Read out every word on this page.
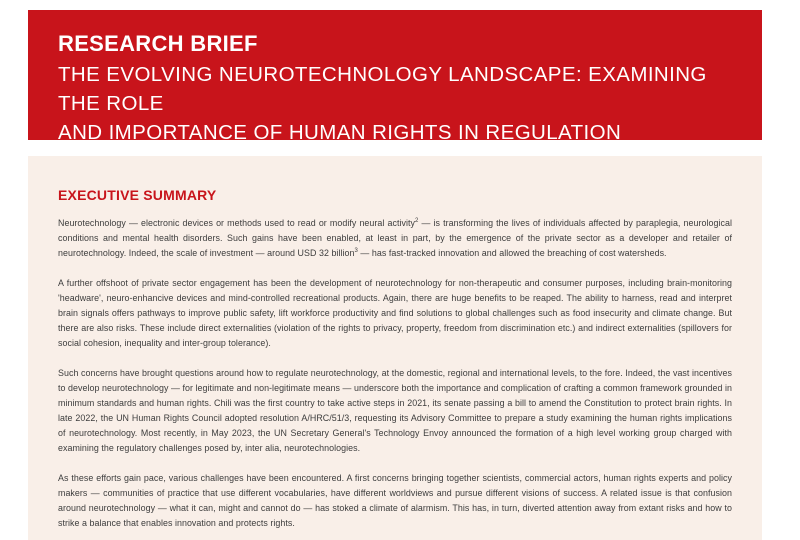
RESEARCH BRIEF

THE EVOLVING NEUROTECHNOLOGY LANDSCAPE: EXAMINING THE ROLE
AND IMPORTANCE OF HUMAN RIGHTS IN REGULATION

EXECUTIVE SUMMARY

Neurotechnology — electronic devices or methods used to read or modify neural activity$^2$ — is transforming the lives of individuals affected by paraplegia, neurological conditions and mental health disorders. Such gains have been enabled, at least in part, by the emergence of the private sector as a developer and retailer of neurotechnology. Indeed, the scale of investment — around USD 32 billion$^3$ — has fast-tracked innovation and allowed the breaching of cost watersheds.

A further offshoot of private sector engagement has been the development of neurotechnology for non-therapeutic and consumer purposes, including brain-monitoring 'headware', neuro-enhancive devices and mind-controlled recreational products. Again, there are huge benefits to be reaped. The ability to harness, read and interpret brain signals offers pathways to improve public safety, lift workforce productivity and find solutions to global challenges such as food insecurity and climate change. But there are also risks. These include direct externalities (violation of the rights to privacy, property, freedom from discrimination etc.) and indirect externalities (spillovers for social cohesion, inequality and inter-group tolerance).

Such concerns have brought questions around how to regulate neurotechnology, at the domestic, regional and international levels, to the fore. Indeed, the vast incentives to develop neurotechnology — for legitimate and non-legitimate means — underscore both the importance and complication of crafting a common framework grounded in minimum standards and human rights. Chili was the first country to take active steps in 2021, its senate passing a bill to amend the Constitution to protect brain rights. In late 2022, the UN Human Rights Council adopted resolution A/HRC/51/3, requesting its Advisory Committee to prepare a study examining the human rights implications of neurotechnology. Most recently, in May 2023, the UN Secretary General's Technology Envoy announced the formation of a high level working group charged with examining the regulatory challenges posed by, inter alia, neurotechnologies.

As these efforts gain pace, various challenges have been encountered. A first concerns bringing together scientists, commercial actors, human rights experts and policy makers — communities of practice that use different vocabularies, have different worldviews and pursue different visions of success. A related issue is that confusion around neurotechnology — what it can, might and cannot do — has stoked a climate of alarmism. This has, in turn, diverted attention away from extant risks and how to strike a balance that enables innovation and protects rights.
